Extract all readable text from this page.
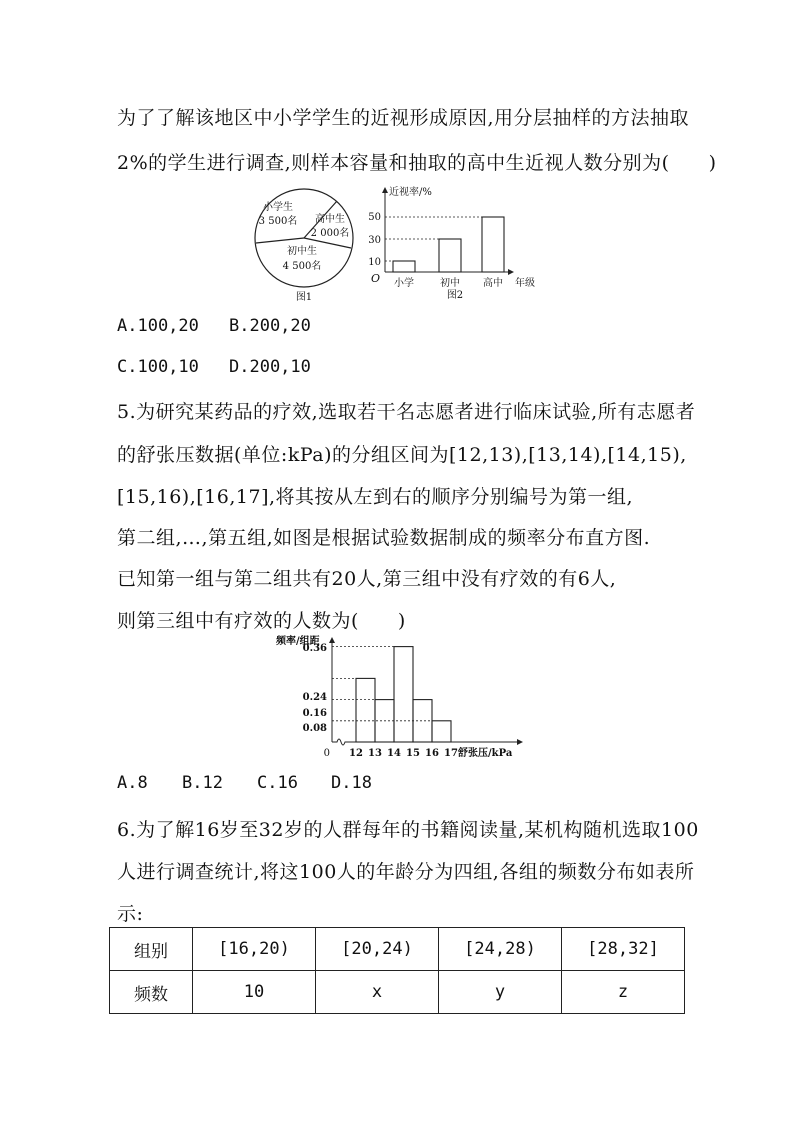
为了了解该地区中小学学生的近视形成原因,用分层抽样的方法抽取
2%的学生进行调查,则样本容量和抽取的高中生近视人数分别为(　　)
小学生
3 500名 高中生
2 000名
初中生
4 500名
图1
近视率/%
O
10
30
50
小学	初中 高中 年级
图2
A.100,20 B.200,20
C.100,10 D.200,10
5.为研究某药品的疗效,选取若干名志愿者进行临床试验,所有志愿者
的舒张压数据(单位:kPa)的分组区间为[12,13),[13,14),[14,15),
[15,16),[16,17],将其按从左到右的顺序分别编号为第一组,
第二组,…,第五组,如图是根据试验数据制成的频率分布直方图.
已知第一组与第二组共有20人,第三组中没有疗效的有6人,
则第三组中有疗效的人数为(　　)
频率/组距
0
0.36
0.24
0.16
0.08
12 13 14 15 16 17 舒张压/kPa
A.8 B.12 C.16 D.18
6.为了解16岁至32岁的人群每年的书籍阅读量,某机构随机选取100
人进行调查统计,将这100人的年龄分为四组,各组的频数分布如表所
示:
组别	[16,20)	[20,24)	[24,28)	[28,32]
频数	10	x	y	z
